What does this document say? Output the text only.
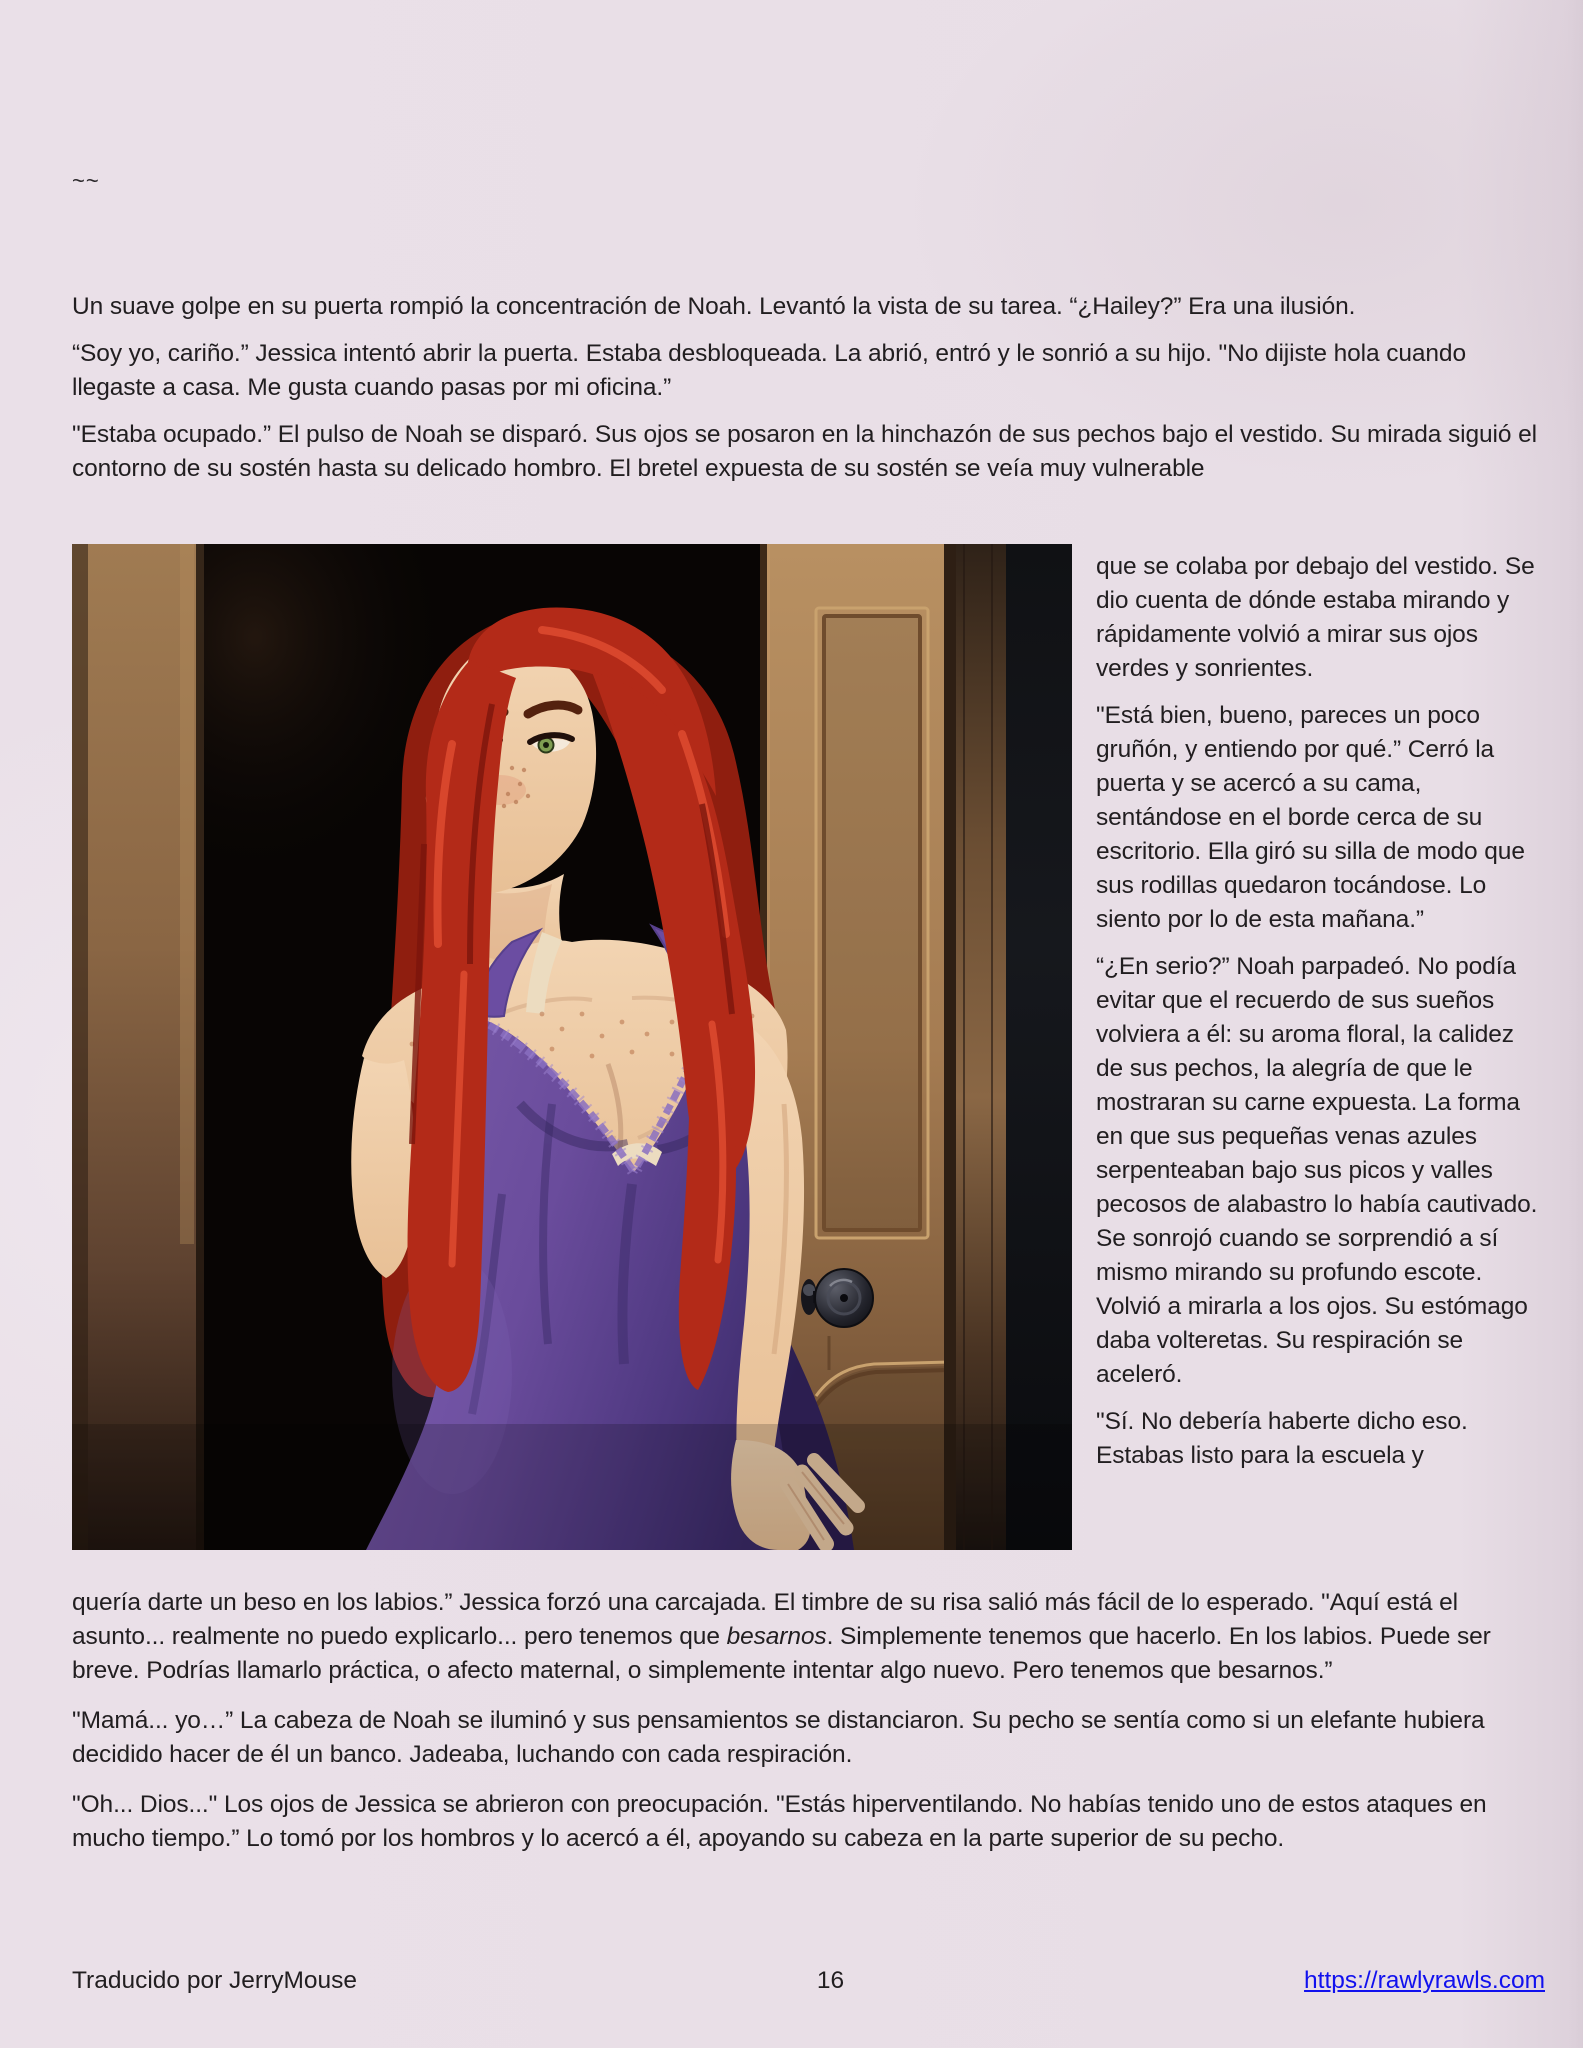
~~

Un suave golpe en su puerta rompió la concentración de Noah. Levantó la vista de su tarea. “¿Hailey?” Era una ilusión.

“Soy yo, cariño.” Jessica intentó abrir la puerta. Estaba desbloqueada. La abrió, entró y le sonrió a su hijo. "No dijiste hola cuando llegaste a casa. Me gusta cuando pasas por mi oficina.”

"Estaba ocupado.” El pulso de Noah se disparó. Sus ojos se posaron en la hinchazón de sus pechos bajo el vestido. Su mirada siguió el contorno de su sostén hasta su delicado hombro. El bretel expuesta de su sostén se veía muy vulnerable

que se colaba por debajo del vestido. Se dio cuenta de dónde estaba mirando y rápidamente volvió a mirar sus ojos verdes y sonrientes.

"Está bien, bueno, pareces un poco gruñón, y entiendo por qué.” Cerró la puerta y se acercó a su cama, sentándose en el borde cerca de su escritorio. Ella giró su silla de modo que sus rodillas quedaron tocándose. Lo siento por lo de esta mañana.”

“¿En serio?” Noah parpadeó. No podía evitar que el recuerdo de sus sueños volviera a él: su aroma floral, la calidez de sus pechos, la alegría de que le mostraran su carne expuesta. La forma en que sus pequeñas venas azules serpenteaban bajo sus picos y valles pecosos de alabastro lo había cautivado. Se sonrojó cuando se sorprendió a sí mismo mirando su profundo escote. Volvió a mirarla a los ojos. Su estómago daba volteretas. Su respiración se aceleró.

"Sí. No debería haberte dicho eso. Estabas listo para la escuela y

quería darte un beso en los labios.” Jessica forzó una carcajada. El timbre de su risa salió más fácil de lo esperado. "Aquí está el asunto... realmente no puedo explicarlo... pero tenemos que besarnos. Simplemente tenemos que hacerlo. En los labios. Puede ser breve. Podrías llamarlo práctica, o afecto maternal, o simplemente intentar algo nuevo. Pero tenemos que besarnos.”

"Mamá... yo…” La cabeza de Noah se iluminó y sus pensamientos se distanciaron. Su pecho se sentía como si un elefante hubiera decidido hacer de él un banco. Jadeaba, luchando con cada respiración.

"Oh... Dios..." Los ojos de Jessica se abrieron con preocupación. "Estás hiperventilando. No habías tenido uno de estos ataques en mucho tiempo.” Lo tomó por los hombros y lo acercó a él, apoyando su cabeza en la parte superior de su pecho.

Traducido por JerryMouse	16	https://rawlyrawls.com
